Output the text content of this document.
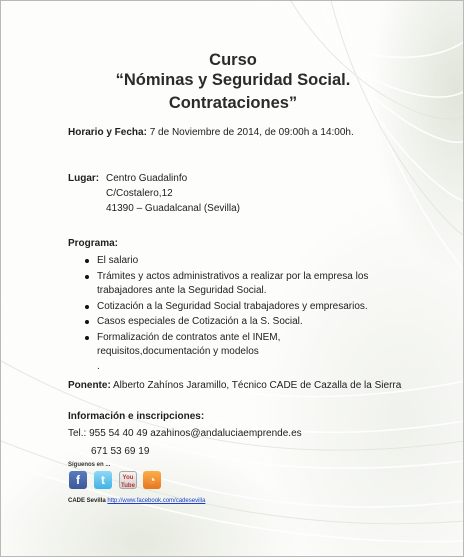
Curso
“Nóminas y Seguridad Social.
Contrataciones”
Horario y Fecha: 7 de Noviembre de 2014, de 09:00h a 14:00h.
Lugar: Centro Guadalinfo
C/Costalero,12
41390 – Guadalcanal (Sevilla)
Programa:
El salario
Trámites y actos administrativos a realizar por la empresa los
trabajadores ante la Seguridad Social.
Cotización a la Seguridad Social trabajadores y empresarios.
Casos especiales de Cotización a la S. Social.
Formalización de contratos ante el INEM,
requisitos,documentación y modelos
.
Ponente: Alberto Zahínos Jaramillo, Técnico CADE de Cazalla de la Sierra
Información e inscripciones:
Tel.: 955 54 40 49 azahinos@andaluciaemprende.es
671 53 69 19
Síguenos en ...
f	t	You Tube	◔
CADE Sevilla http://www.facebook.com/cadesevilla
